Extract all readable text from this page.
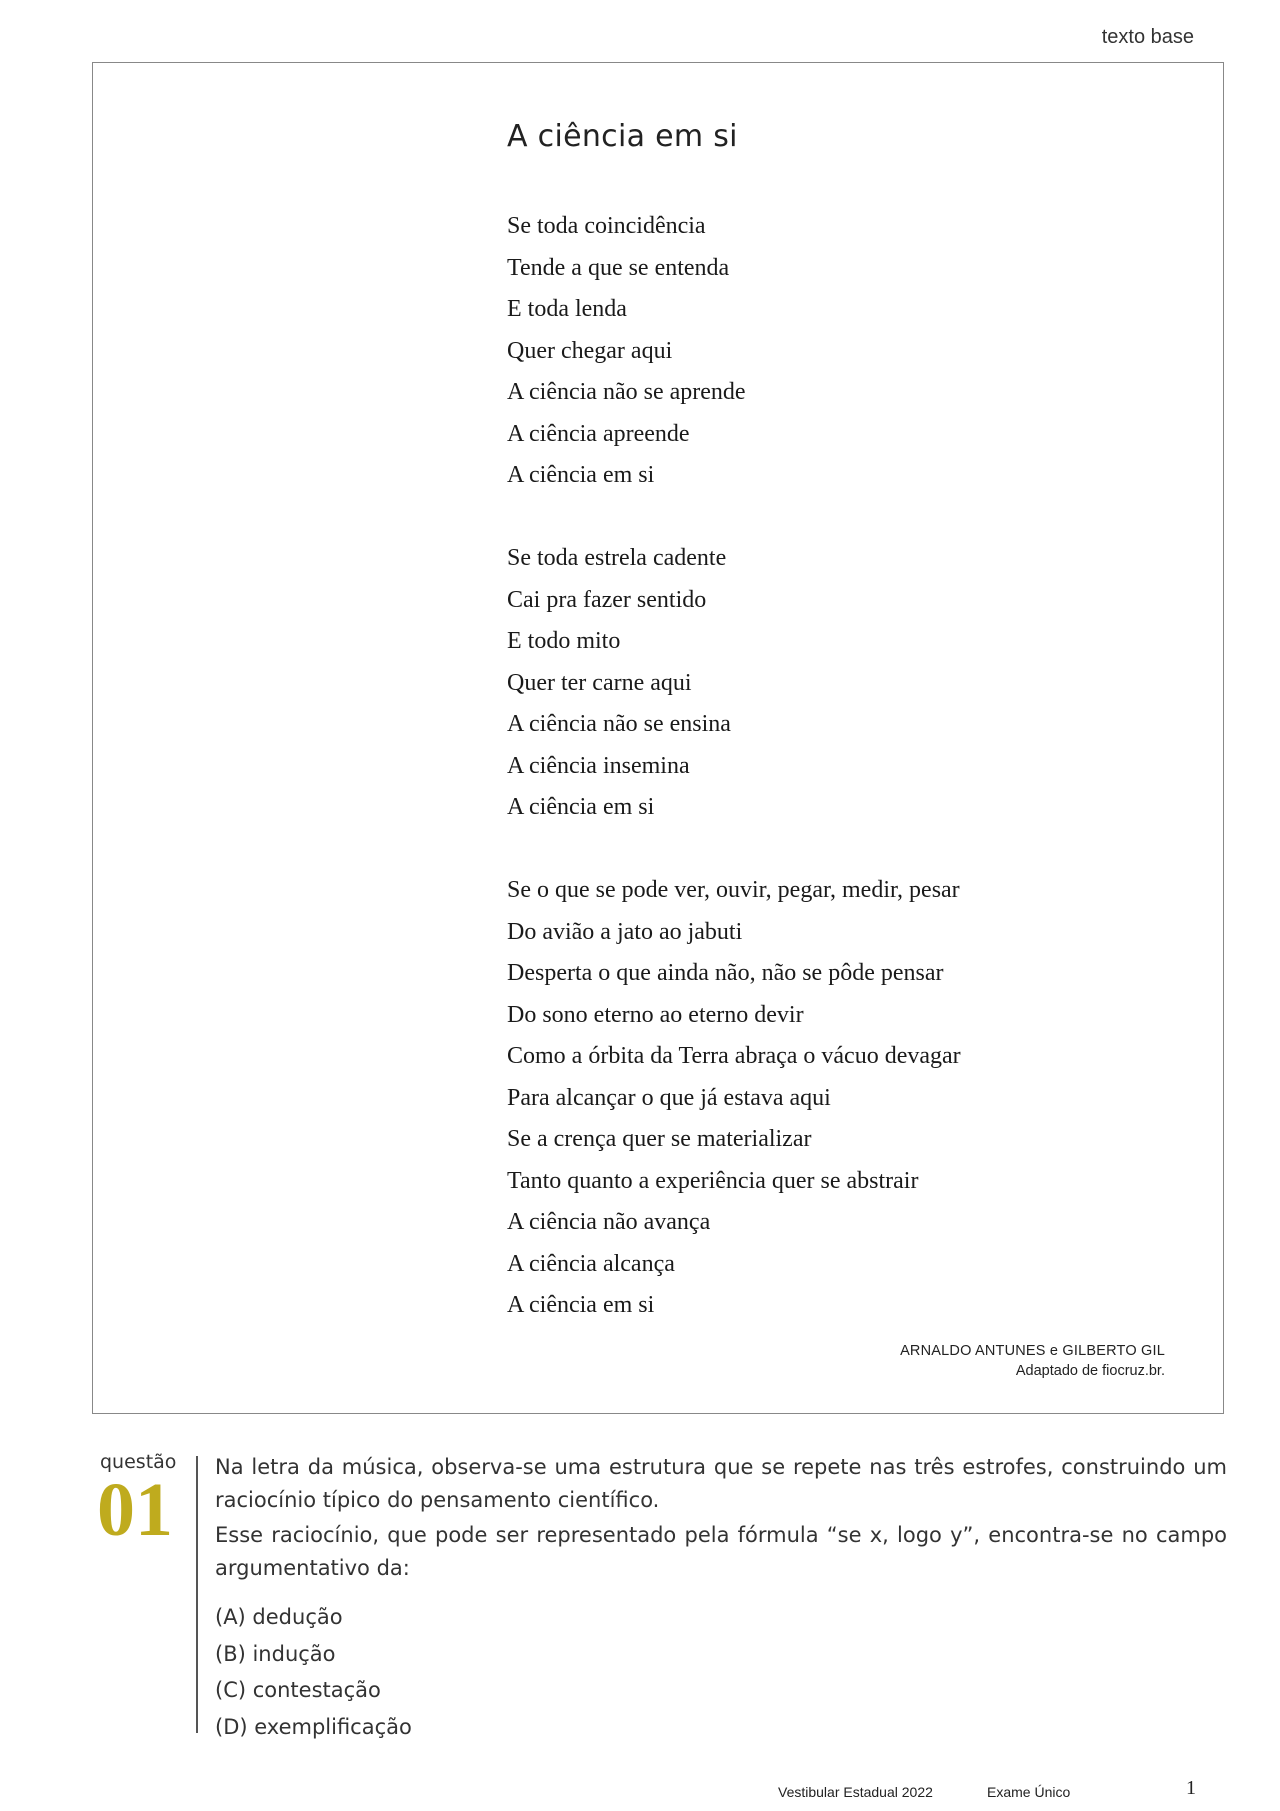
texto base
A ciência em si
Se toda coincidência
Tende a que se entenda
E toda lenda
Quer chegar aqui
A ciência não se aprende
A ciência apreende
A ciência em si
Se toda estrela cadente
Cai pra fazer sentido
E todo mito
Quer ter carne aqui
A ciência não se ensina
A ciência insemina
A ciência em si
Se o que se pode ver, ouvir, pegar, medir, pesar
Do avião a jato ao jabuti
Desperta o que ainda não, não se pôde pensar
Do sono eterno ao eterno devir
Como a órbita da Terra abraça o vácuo devagar
Para alcançar o que já estava aqui
Se a crença quer se materializar
Tanto quanto a experiência quer se abstrair
A ciência não avança
A ciência alcança
A ciência em si
ARNALDO ANTUNES e GILBERTO GIL
Adaptado de fiocruz.br.
questão
01

Na letra da música, observa-se uma estrutura que se repete nas três estrofes, construindo um raciocínio típico do pensamento científico.

Esse raciocínio, que pode ser representado pela fórmula “se x, logo y”, encontra-se no campo argumentativo da:

(A) dedução
(B) indução
(C) contestação
(D) exemplificação
Vestibular Estadual 2022	Exame Único	1
